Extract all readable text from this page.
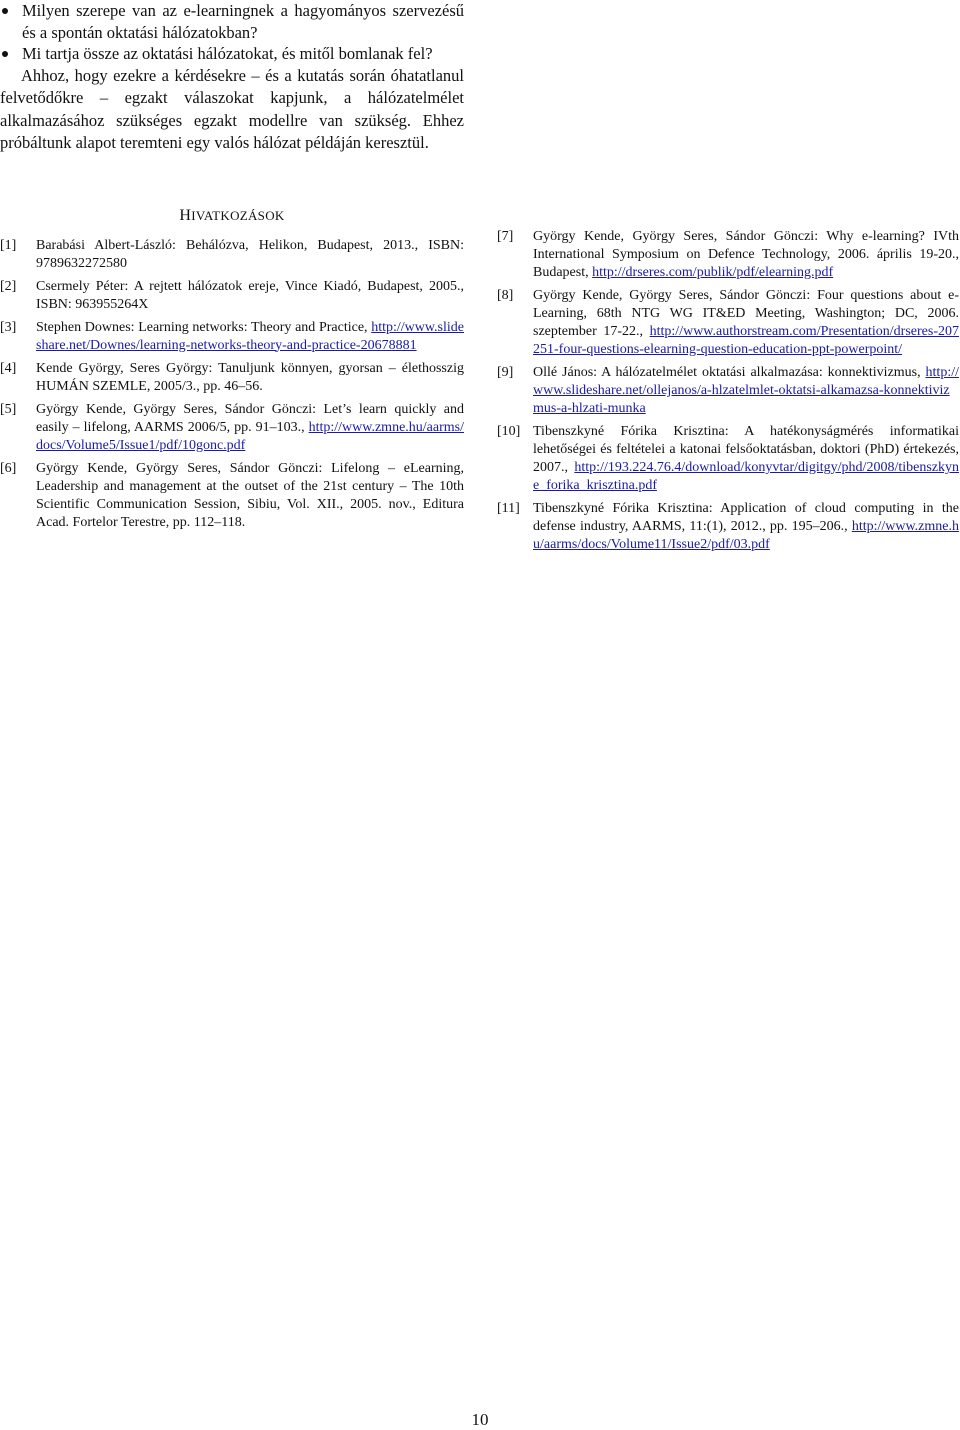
Milyen szerepe van az e-learningnek a hagyományos szervezésű és a spontán oktatási hálózatokban?
Mi tartja össze az oktatási hálózatokat, és mitől bomlanak fel?

Ahhoz, hogy ezekre a kérdésekre – és a kutatás során óhatatlanul felvetődőkre – egzakt válaszokat kapjunk, a hálózatelmélet alkalmazásához szükséges egzakt modellre van szükség. Ehhez próbáltunk alapot teremteni egy valós hálózat példáján keresztül.

HIVATKOZÁSOK

[1] Barabási Albert-László: Behálózva, Helikon, Budapest, 2013., ISBN: 9789632272580

[2] Csermely Péter: A rejtett hálózatok ereje, Vince Kiadó, Budapest, 2005., ISBN: 963955264X

[3] Stephen Downes: Learning networks: Theory and Practice, http://www.slideshare.net/Downes/learning-networks-theory-and-practice-20678881

[4] Kende György, Seres György: Tanuljunk könnyen, gyorsan – élethosszig HUMÁN SZEMLE, 2005/3., pp. 46–56.

[5] György Kende, György Seres, Sándor Gönczi: Let’s learn quickly and easily – lifelong, AARMS 2006/5, pp. 91–103., http://www.zmne.hu/aarms/docs/Volume5/Issue1/pdf/10gonc.pdf

[6] György Kende, György Seres, Sándor Gönczi: Lifelong – eLearning, Leadership and management at the outset of the 21st century – The 10th Scientific Communication Session, Sibiu, Vol. XII., 2005. nov., Editura Acad. Fortelor Terestre, pp. 112–118.

[7] György Kende, György Seres, Sándor Gönczi: Why e-learning? IVth International Symposium on Defence Technology, 2006. április 19-20., Budapest, http://drseres.com/publik/pdf/elearning.pdf

[8] György Kende, György Seres, Sándor Gönczi: Four questions about e-Learning, 68th NTG WG IT&ED Meeting, Washington; DC, 2006. szeptember 17-22., http://www.authorstream.com/Presentation/drseres-207251-four-questions-elearning-question-education-ppt-powerpoint/

[9] Ollé János: A hálózatelmélet oktatási alkalmazása: konnektivizmus, http://www.slideshare.net/ollejanos/a-hlzatelmlet-oktatsi-alkamazsa-konnektivizmus-a-hlzati-munka

[10] Tibenszkyné Fórika Krisztina: A hatékonyságmérés informatikai lehetőségei és feltételei a katonai felsőoktatásban, doktori (PhD) értekezés, 2007., http://193.224.76.4/download/konyvtar/digitgy/phd/2008/tibenszkyne_forika_krisztina.pdf

[11] Tibenszkyné Fórika Krisztina: Application of cloud computing in the defense industry, AARMS, 11:(1), 2012., pp. 195–206., http://www.zmne.hu/aarms/docs/Volume11/Issue2/pdf/03.pdf

10
